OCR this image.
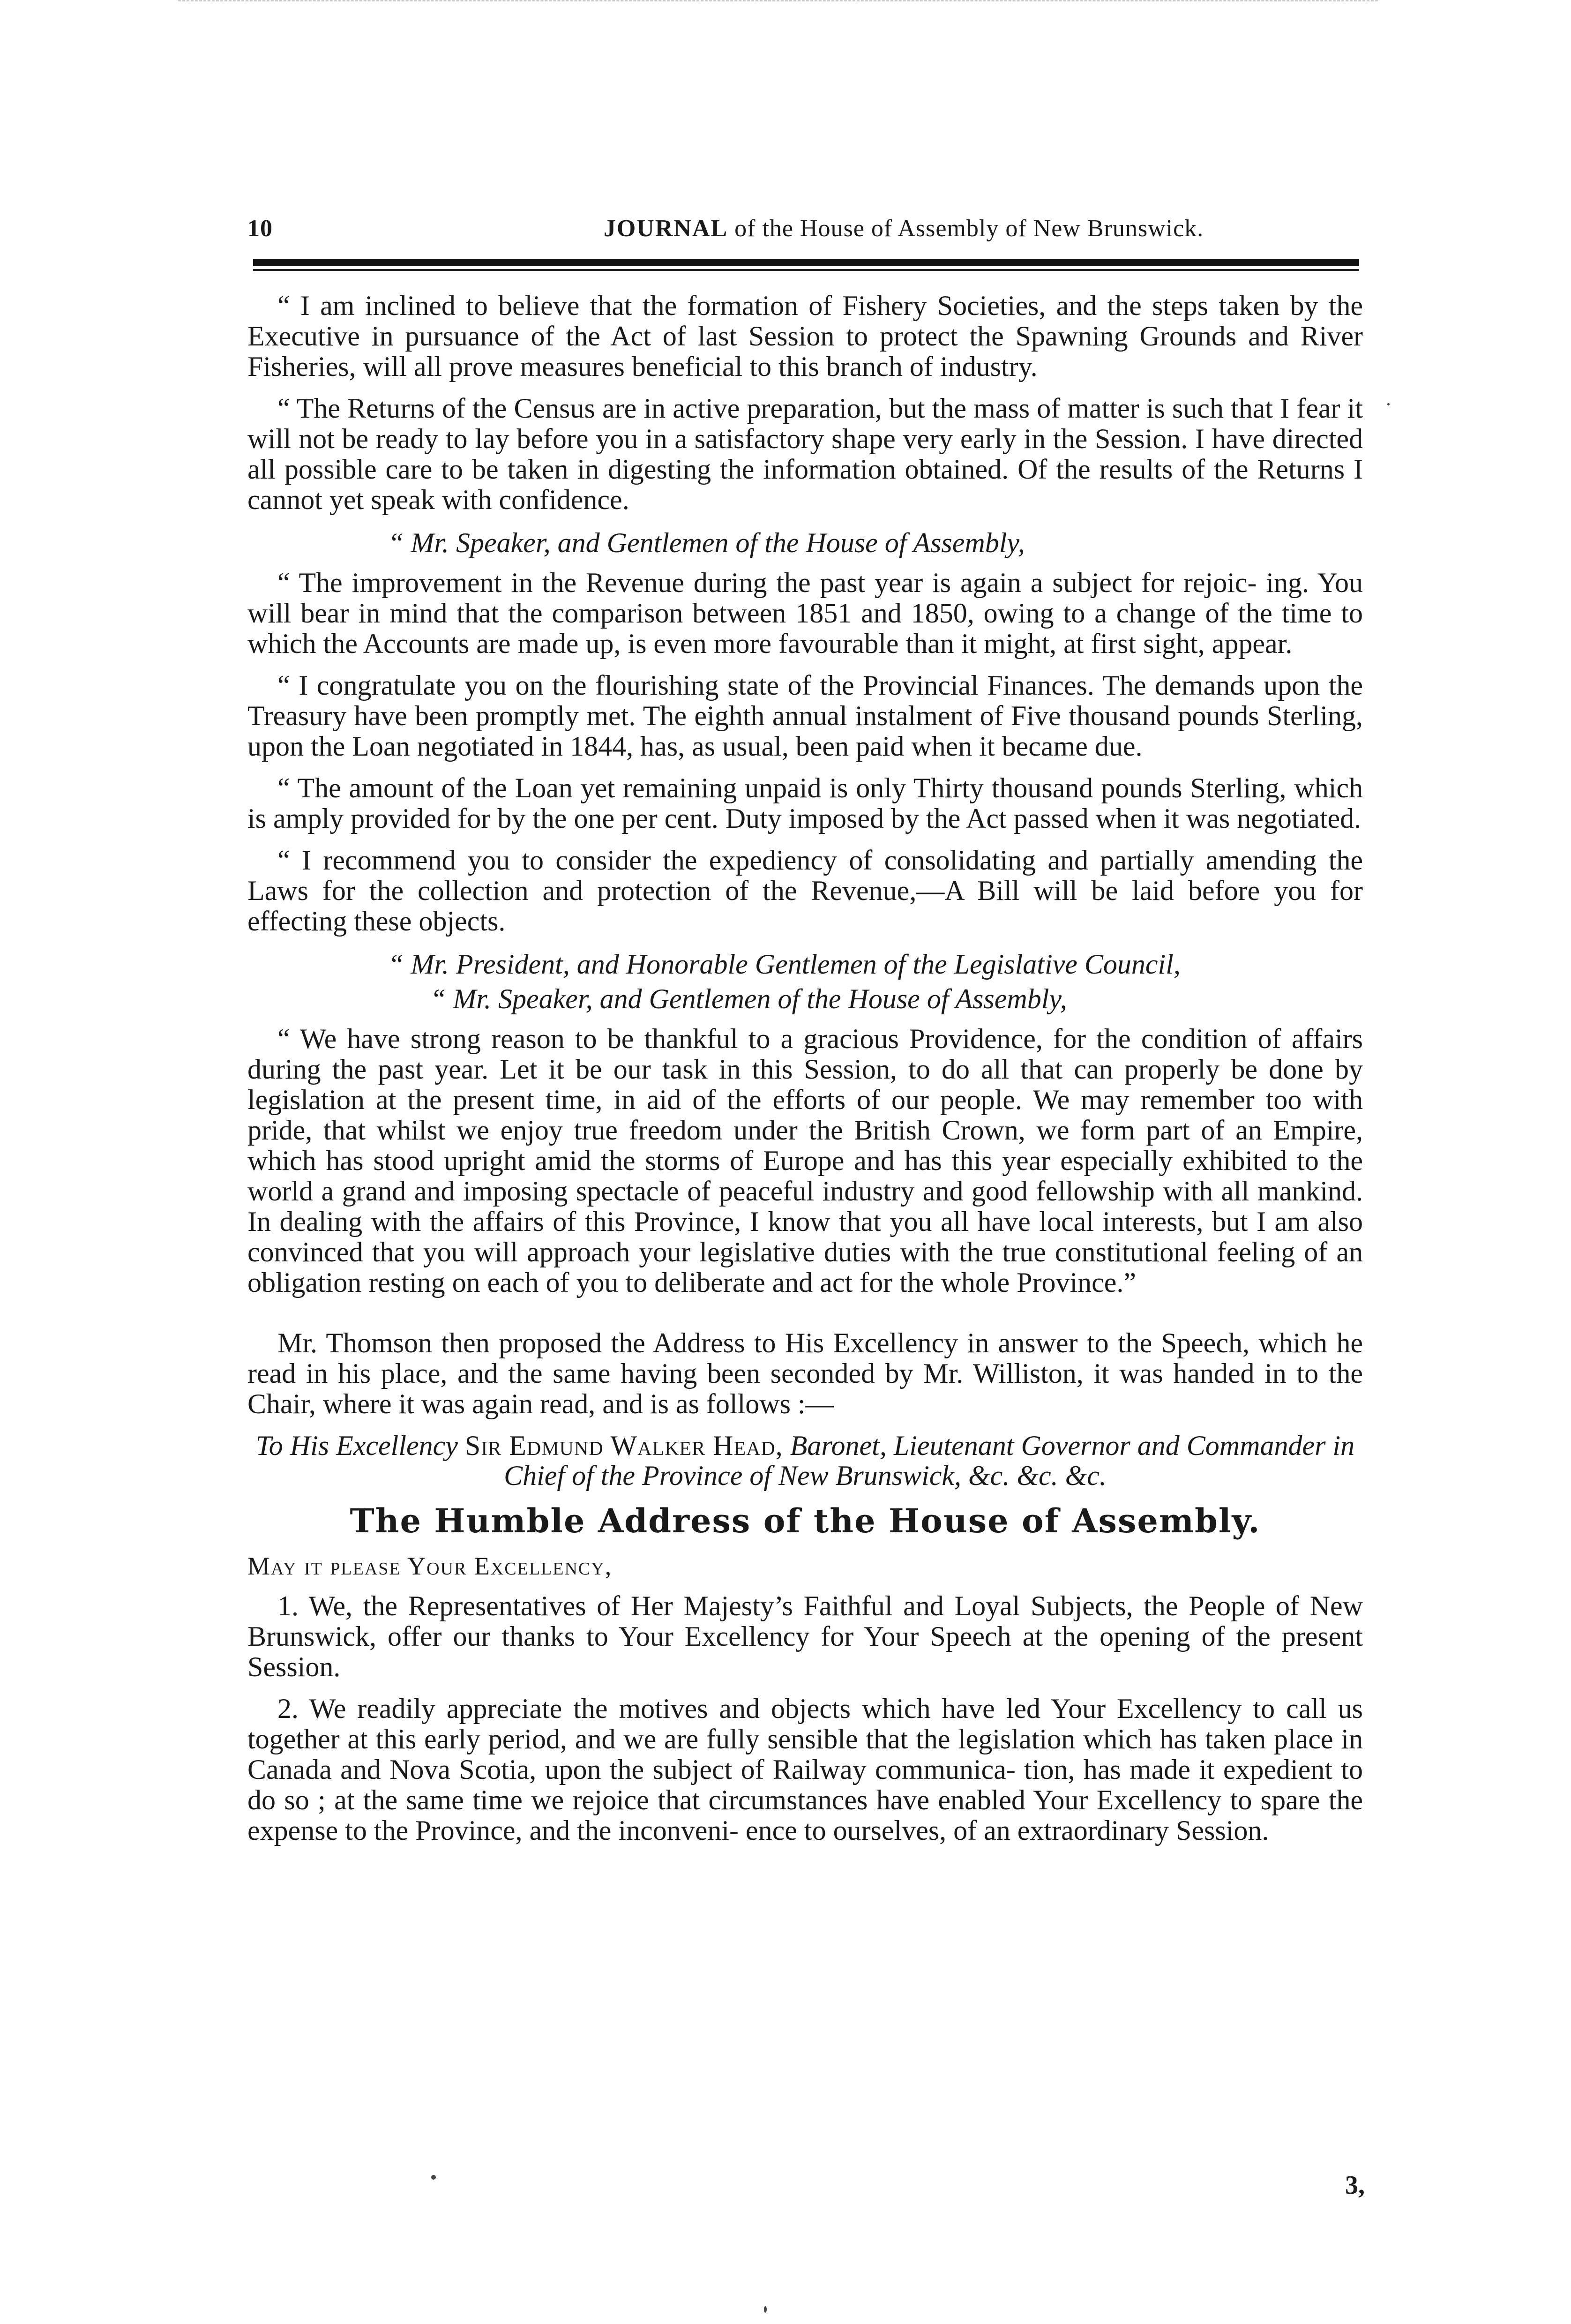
10	JOURNAL of the House of Assembly of New Brunswick.

“ I am inclined to believe that the formation of Fishery Societies, and the steps taken by the Executive in pursuance of the Act of last Session to protect the Spawning Grounds and River Fisheries, will all prove measures beneficial to this branch of industry.

“ The Returns of the Census are in active preparation, but the mass of matter is such that I fear it will not be ready to lay before you in a satisfactory shape very early in the Session. I have directed all possible care to be taken in digesting the information obtained. Of the results of the Returns I cannot yet speak with confidence.

“ Mr. Speaker, and Gentlemen of the House of Assembly,

“ The improvement in the Revenue during the past year is again a subject for rejoic- ing. You will bear in mind that the comparison between 1851 and 1850, owing to a change of the time to which the Accounts are made up, is even more favourable than it might, at first sight, appear.

“ I congratulate you on the flourishing state of the Provincial Finances. The demands upon the Treasury have been promptly met. The eighth annual instalment of Five thousand pounds Sterling, upon the Loan negotiated in 1844, has, as usual, been paid when it became due.

“ The amount of the Loan yet remaining unpaid is only Thirty thousand pounds Sterling, which is amply provided for by the one per cent. Duty imposed by the Act passed when it was negotiated.

“ I recommend you to consider the expediency of consolidating and partially amending the Laws for the collection and protection of the Revenue,—A Bill will be laid before you for effecting these objects.

“ Mr. President, and Honorable Gentlemen of the Legislative Council,

“ Mr. Speaker, and Gentlemen of the House of Assembly,

“ We have strong reason to be thankful to a gracious Providence, for the condition of affairs during the past year. Let it be our task in this Session, to do all that can properly be done by legislation at the present time, in aid of the efforts of our people. We may remember too with pride, that whilst we enjoy true freedom under the British Crown, we form part of an Empire, which has stood upright amid the storms of Europe and has this year especially exhibited to the world a grand and imposing spectacle of peaceful industry and good fellowship with all mankind. In dealing with the affairs of this Province, I know that you all have local interests, but I am also convinced that you will approach your legislative duties with the true constitutional feeling of an obligation resting on each of you to deliberate and act for the whole Province.”

Mr. Thomson then proposed the Address to His Excellency in answer to the Speech, which he read in his place, and the same having been seconded by Mr. Williston, it was handed in to the Chair, where it was again read, and is as follows :—

To His Excellency Sir Edmund Walker Head, Baronet, Lieutenant Governor and Commander in Chief of the Province of New Brunswick, &c. &c. &c.

The Humble Address of the House of Assembly.

May it please Your Excellency,

1. We, the Representatives of Her Majesty’s Faithful and Loyal Subjects, the People of New Brunswick, offer our thanks to Your Excellency for Your Speech at the opening of the present Session.

2. We readily appreciate the motives and objects which have led Your Excellency to call us together at this early period, and we are fully sensible that the legislation which has taken place in Canada and Nova Scotia, upon the subject of Railway communica- tion, has made it expedient to do so ; at the same time we rejoice that circumstances have enabled Your Excellency to spare the expense to the Province, and the inconveni- ence to ourselves, of an extraordinary Session.

3,
